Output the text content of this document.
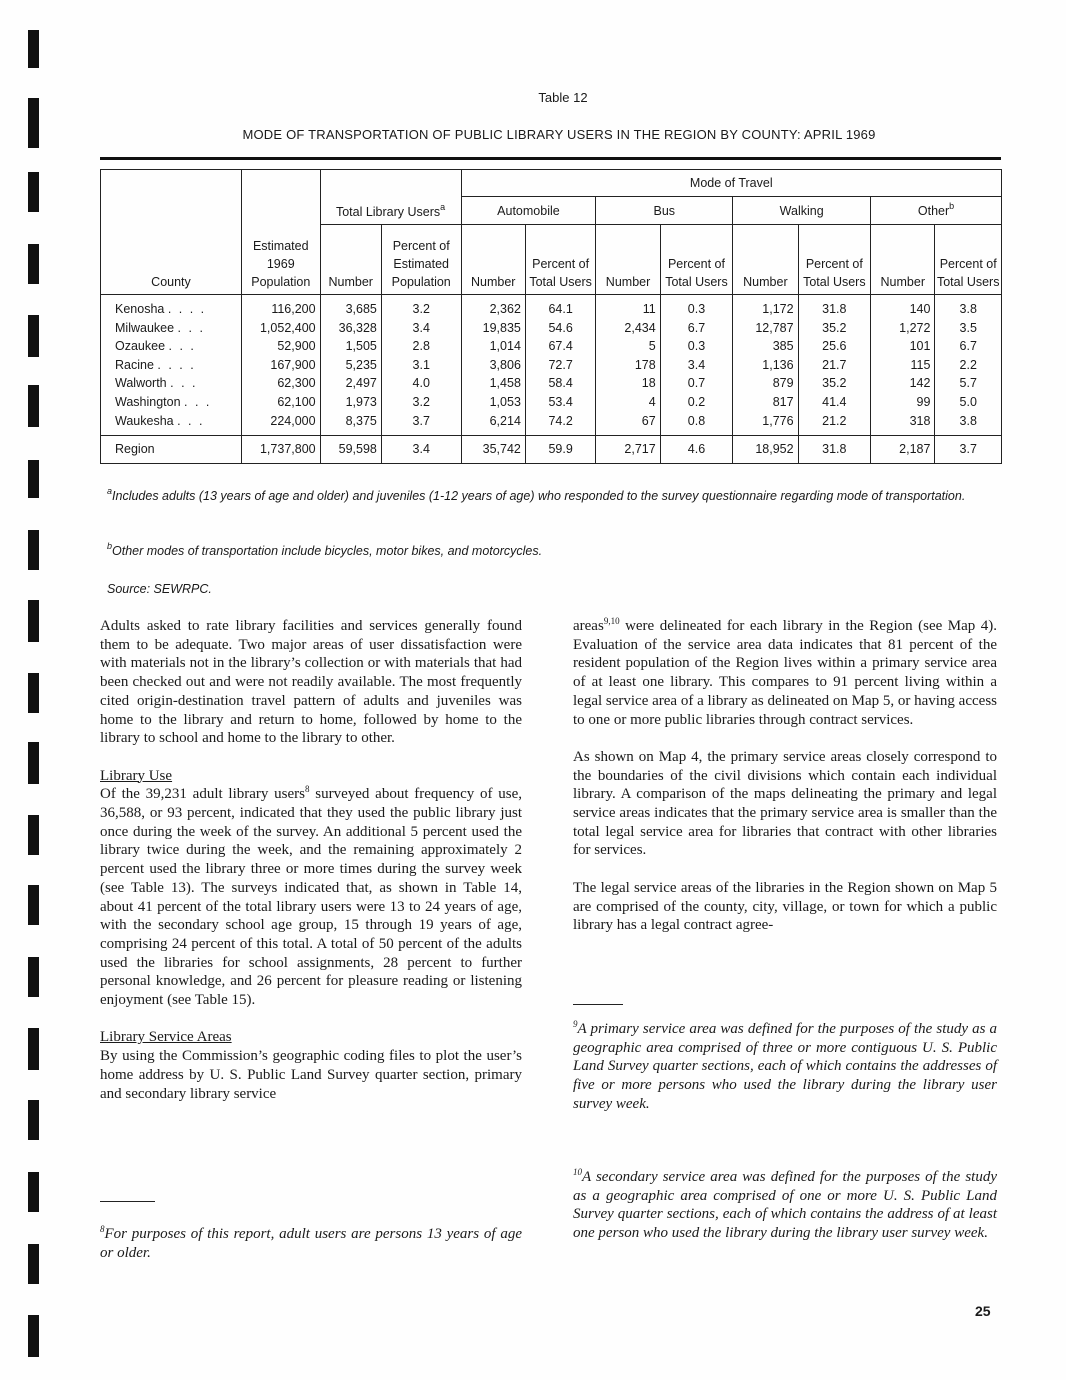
Table 12
MODE OF TRANSPORTATION OF PUBLIC LIBRARY USERS IN THE REGION BY COUNTY: APRIL 1969
County	Estimated 1969 Population	Total Library Users$^a$		Mode of Travel							
				Automobile		Bus		Walking		Other$^b$
		Number	Percent of Estimated Population	Number	Percent of Total Users	Number	Percent of Total Users	Number	Percent of Total Users	Number	Percent of Total Users
Kenosha . . . .	116,200	3,685	3.2	2,362	64.1	11	0.3	1,172	31.8	140	3.8
Milwaukee . . .	1,052,400	36,328	3.4	19,835	54.6	2,434	6.7	12,787	35.2	1,272	3.5
Ozaukee . . .	52,900	1,505	2.8	1,014	67.4	5	0.3	385	25.6	101	6.7
Racine . . . .	167,900	5,235	3.1	3,806	72.7	178	3.4	1,136	21.7	115	2.2
Walworth . . .	62,300	2,497	4.0	1,458	58.4	18	0.7	879	35.2	142	5.7
Washington . . .	62,100	1,973	3.2	1,053	53.4	4	0.2	817	41.4	99	5.0
Waukesha . . .	224,000	8,375	3.7	6,214	74.2	67	0.8	1,776	21.2	318	3.8
Region	1,737,800	59,598	3.4	35,742	59.9	2,717	4.6	18,952	31.8	2,187	3.7
$^a$Includes adults (13 years of age and older) and juveniles (1-12 years of age) who responded to the survey questionnaire regarding mode of transportation.
$^b$Other modes of transportation include bicycles, motor bikes, and motorcycles.
Source: SEWRPC.

Adults asked to rate library facilities and services generally found them to be adequate. Two major areas of user dissatisfaction were with materials not in the library’s collection or with materials that had been checked out and were not readily available. The most frequently cited origin-destination travel pattern of adults and juveniles was home to the library and return to home, followed by home to the library to school and home to the library to other.

Library Use

Of the 39,231 adult library users$^8$ surveyed about frequency of use, 36,588, or 93 percent, indicated that they used the public library just once during the week of the survey. An additional 5 percent used the library twice during the week, and the remaining approximately 2 percent used the library three or more times during the survey week (see Table 13). The surveys indicated that, as shown in Table 14, about 41 percent of the total library users were 13 to 24 years of age, with the secondary school age group, 15 through 19 years of age, comprising 24 percent of this total. A total of 50 percent of the adults used the libraries for school assignments, 28 percent to further personal knowledge, and 26 percent for pleasure reading or listening enjoyment (see Table 15).

Library Service Areas

By using the Commission’s geographic coding files to plot the user’s home address by U. S. Public Land Survey quarter section, primary and secondary library service

$^8$For purposes of this report, adult users are persons 13 years of age or older.

areas$^{9,10}$ were delineated for each library in the Region (see Map 4). Evaluation of the service area data indicates that 81 percent of the resident population of the Region lives within a primary service area of at least one library. This compares to 91 percent living within a legal service area of a library as delineated on Map 5, or having access to one or more public libraries through contract services.

As shown on Map 4, the primary service areas closely correspond to the boundaries of the civil divisions which contain each individual library. A comparison of the maps delineating the primary and legal service areas indicates that the primary service area is smaller than the total legal service area for libraries that contract with other libraries for services.

The legal service areas of the libraries in the Region shown on Map 5 are comprised of the county, city, village, or town for which a public library has a legal contract agree-

$^9$A primary service area was defined for the purposes of the study as a geographic area comprised of three or more contiguous U. S. Public Land Survey quarter sections, each of which contains the addresses of five or more persons who used the library during the library user survey week.
$^{10}$A secondary service area was defined for the purposes of the study as a geographic area comprised of one or more U. S. Public Land Survey quarter sections, each of which contains the address of at least one person who used the library during the library user survey week.
25
